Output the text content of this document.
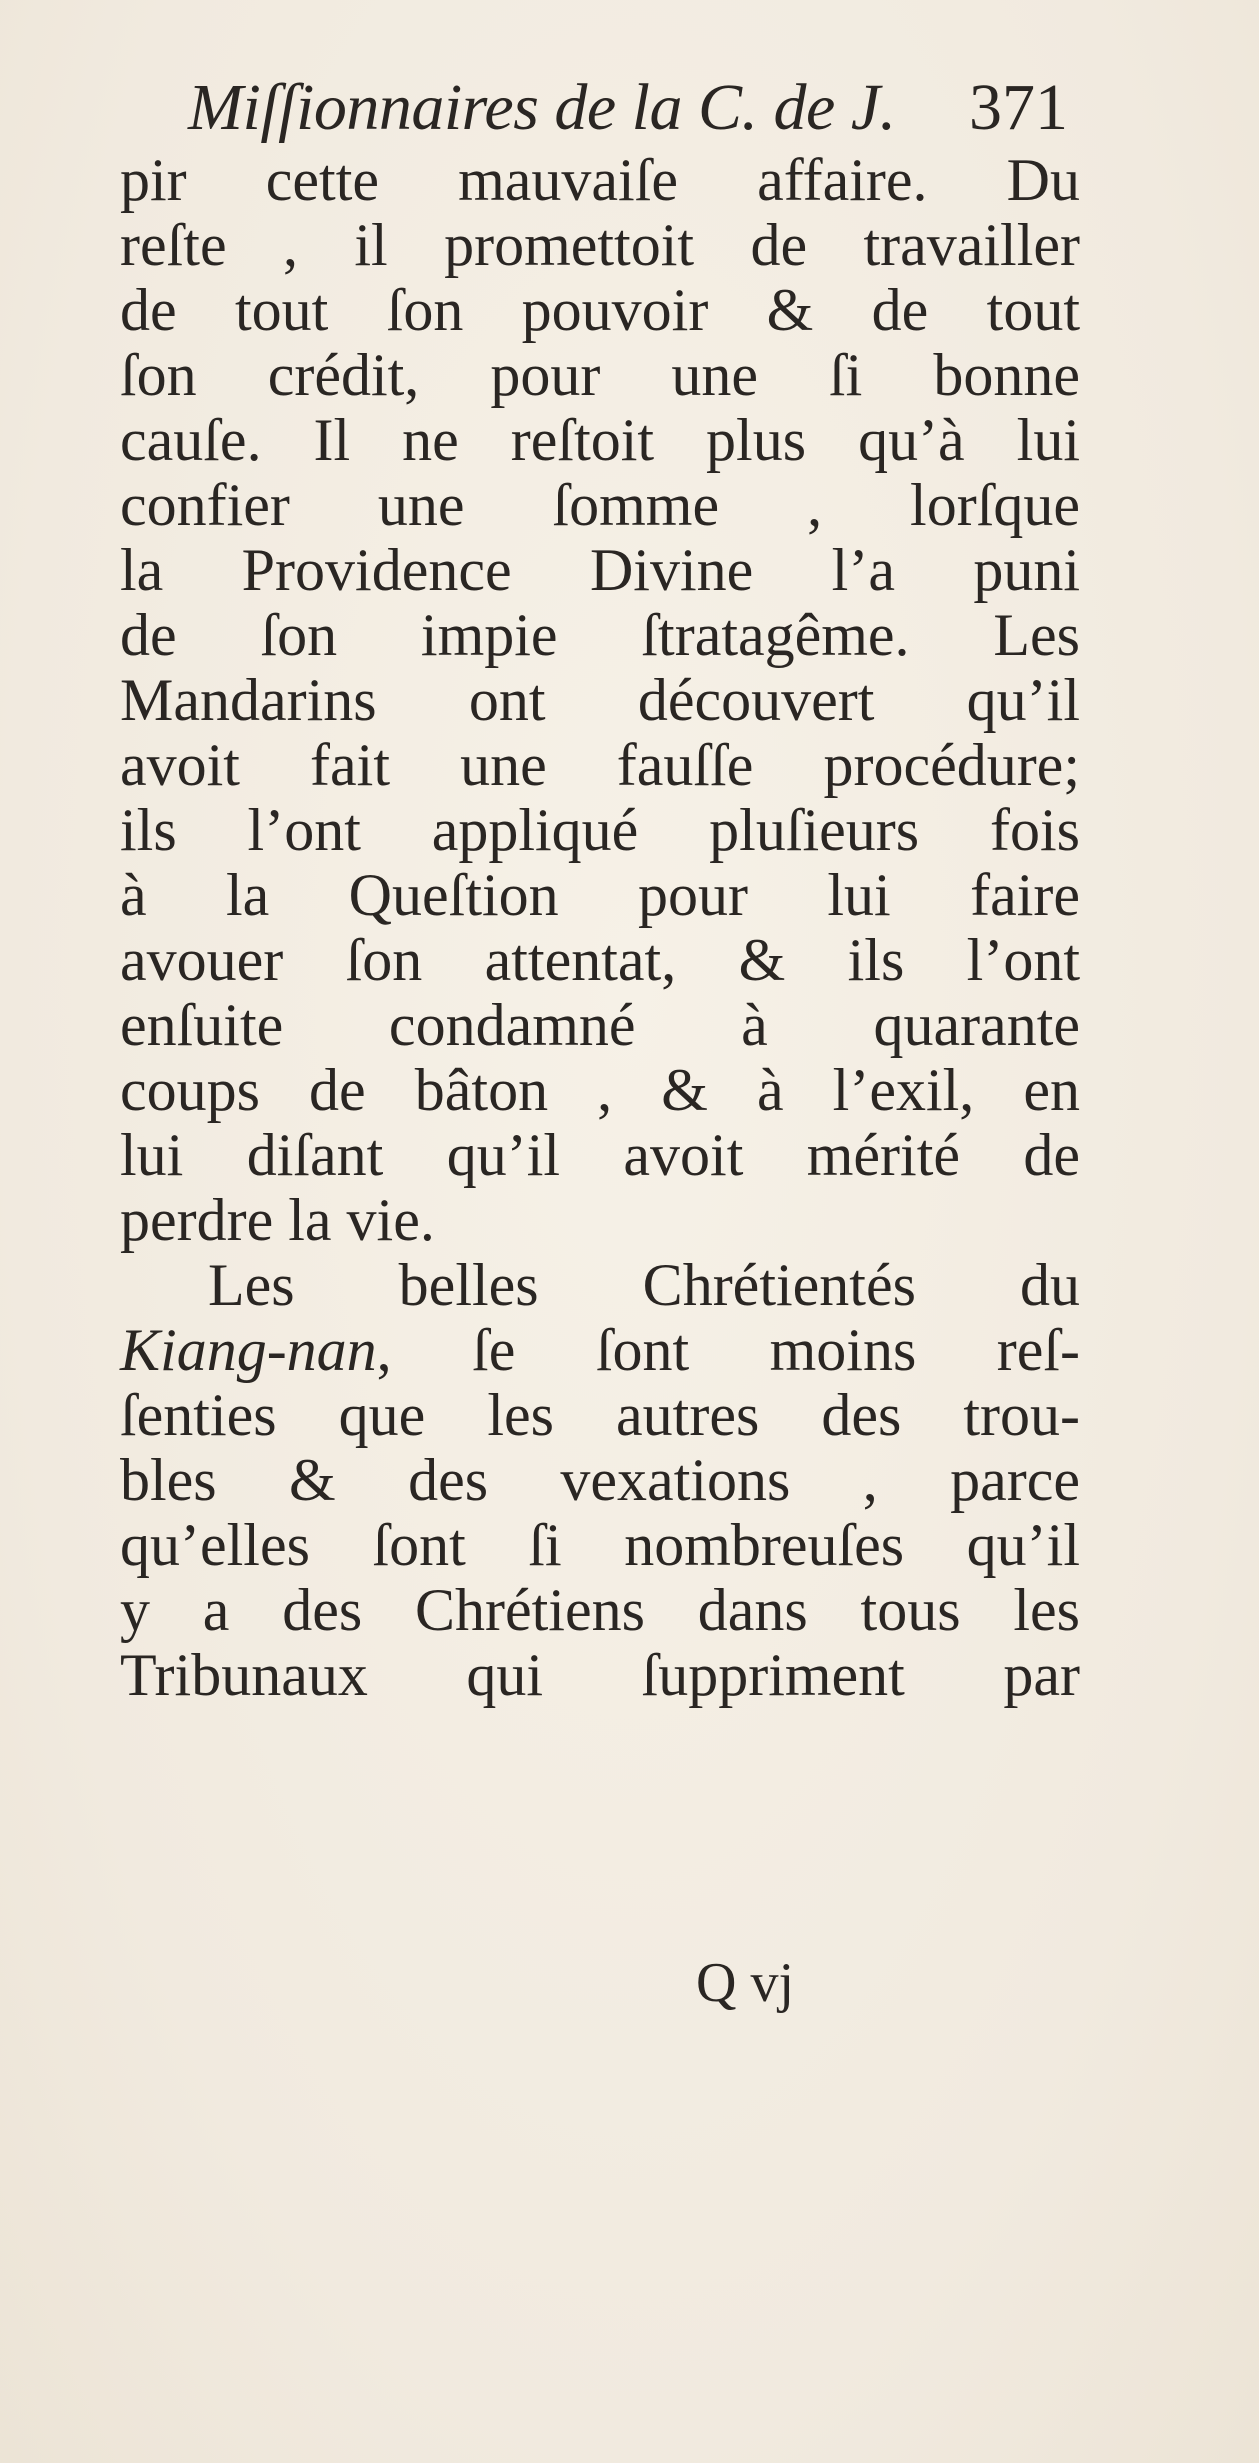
Miſſionnaires de la C. de J. 371
pir cette mauvaiſe affaire. Du
reſte , il promettoit de travailler
de tout ſon pouvoir & de tout
ſon crédit, pour une ſi bonne
cauſe. Il ne reſtoit plus qu’à lui
confier une ſomme , lorſque
la Providence Divine l’a puni
de ſon impie ſtratagême. Les
Mandarins ont découvert qu’il
avoit fait une fauſſe procédure;
ils l’ont appliqué pluſieurs fois
à la Queſtion pour lui faire
avouer ſon attentat, & ils l’ont
enſuite condamné à quarante
coups de bâton , & à l’exil, en
lui diſant qu’il avoit mérité de
perdre la vie.
Les belles Chrétientés du
Kiang-nan, ſe ſont moins reſ-
ſenties que les autres des trou-
bles & des vexations , parce
qu’elles ſont ſi nombreuſes qu’il
y a des Chrétiens dans tous les
Tribunaux qui ſuppriment par
Q vj
